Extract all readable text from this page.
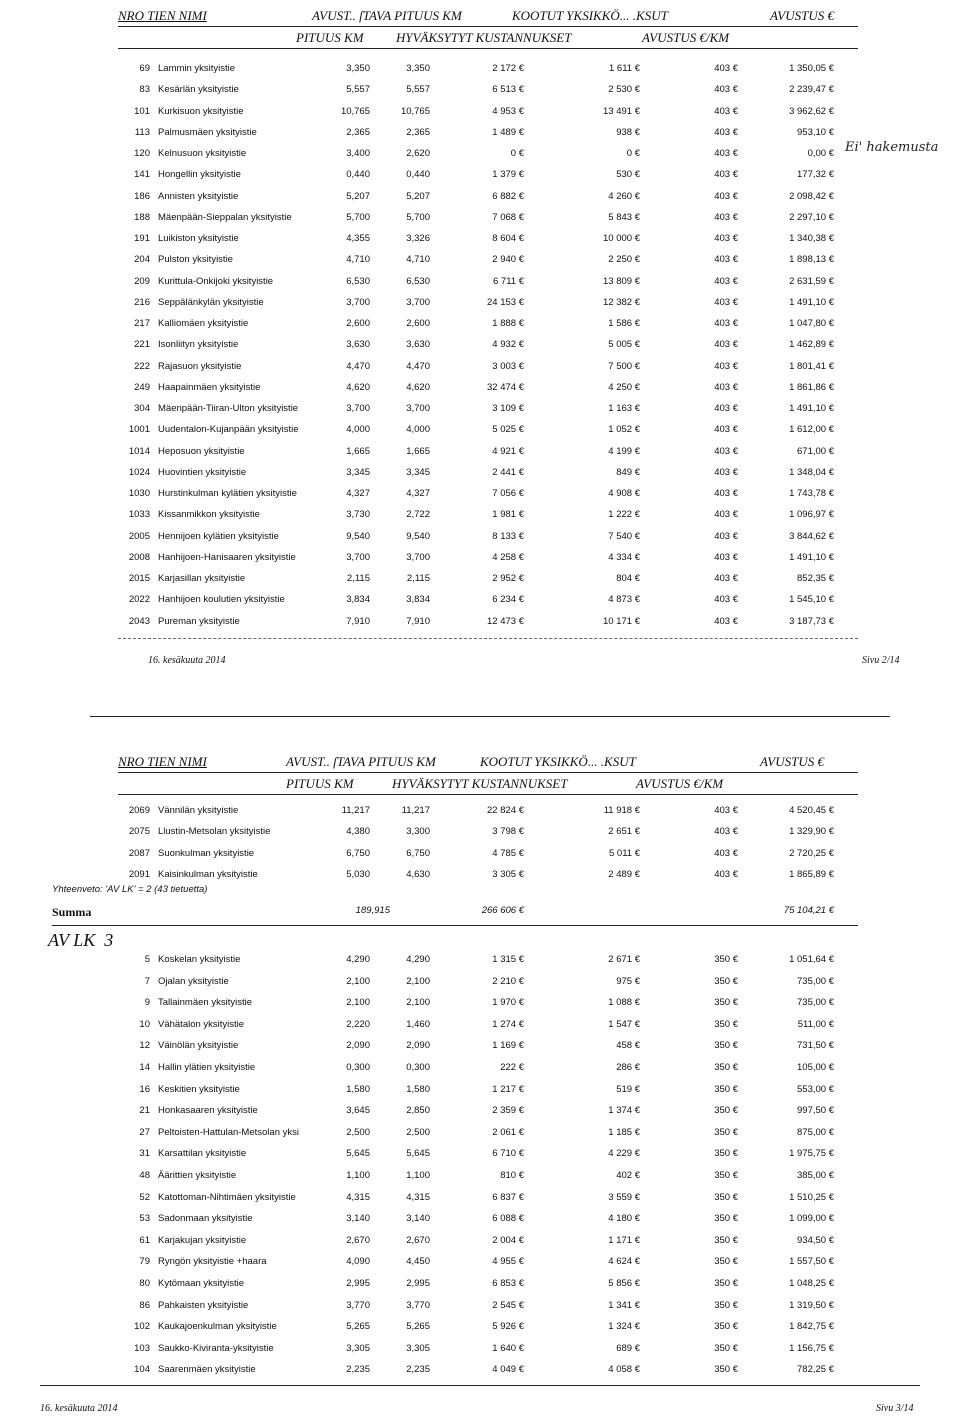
NRO TIEN NIMI	AVUST.. ſTAVA PITUUS KM	KOOTUT YKSIKKÖ... .KSUT	AVUSTUS €
PITUUS KM HYVÄKSYTYT KUSTANNUKSET	AVUSTUS €/KM
69 Lammin yksityistie	3,350	3,350	2 172 €	1 611 €	403 €	1 350,05 €
83 Kesärlän yksityistie	5,557	5,557	6 513 €	2 530 €	403 €	2 239,47 €
101 Kurkisuon yksityistie	10,765	10,765	4 953 €	13 491 €	403 €	3 962,62 €
113 Palmusmäen yksityistie	2,365	2,365	1 489 €	938 €	403 €	953,10 €
120 Kelnusuon yksityistie	3,400	2,620	0 €	0 €	403 €	0,00 €
141 Hongellin yksityistie	0,440	0,440	1 379 €	530 €	403 €	177,32 €
186 Annisten yksityistie	5,207	5,207	6 882 €	4 260 €	403 €	2 098,42 €
188 Mäenpään-Sieppalan yksityistie	5,700	5,700	7 068 €	5 843 €	403 €	2 297,10 €
191 Luikiston yksityistie	4,355	3,326	8 604 €	10 000 €	403 €	1 340,38 €
204 Pulston yksityistie	4,710	4,710	2 940 €	2 250 €	403 €	1 898,13 €
209 Kurittula-Onkijoki yksityistie	6,530	6,530	6 711 €	13 809 €	403 €	2 631,59 €
216 Seppälänkylän yksityistie	3,700	3,700	24 153 €	12 382 €	403 €	1 491,10 €
217 Kalliomäen yksityistie	2,600	2,600	1 888 €	1 586 €	403 €	1 047,80 €
221 Isonliityn yksityistie	3,630	3,630	4 932 €	5 005 €	403 €	1 462,89 €
222 Rajasuon yksityistie	4,470	4,470	3 003 €	7 500 €	403 €	1 801,41 €
249 Haapainmäen yksityistie	4,620	4,620	32 474 €	4 250 €	403 €	1 861,86 €
304 Mäenpään-Tiiran-Ulton yksityistie	3,700	3,700	3 109 €	1 163 €	403 €	1 491,10 €
1001 Uudentalon-Kujanpään yksityistie	4,000	4,000	5 025 €	1 052 €	403 €	1 612,00 €
1014 Heposuon yksityistie	1,665	1,665	4 921 €	4 199 €	403 €	671,00 €
1024 Huovintien yksityistie	3,345	3,345	2 441 €	849 €	403 €	1 348,04 €
1030 Hurstinkulman kylätien yksityistie	4,327	4,327	7 056 €	4 908 €	403 €	1 743,78 €
1033 Kissanmikkon yksityistie	3,730	2,722	1 981 €	1 222 €	403 €	1 096,97 €
2005 Hennijoen kylätien yksityistie	9,540	9,540	8 133 €	7 540 €	403 €	3 844,62 €
2008 Hanhijoen-Hanisaaren yksityistie	3,700	3,700	4 258 €	4 334 €	403 €	1 491,10 €
2015 Karjasillan yksityistie	2,115	2,115	2 952 €	804 €	403 €	852,35 €
2022 Hanhijoen koulutien yksityistie	3,834	3,834	6 234 €	4 873 €	403 €	1 545,10 €
2043 Pureman yksityistie	7,910	7,910	12 473 €	10 171 €	403 €	3 187,73 €
Ei' hakemusta
16. kesäkuuta 2014	Sivu 2/14
NRO TIEN NIMI	AVUST.. ſTAVA PITUUS KM	KOOTUT YKSIKKÖ... .KSUT	AVUSTUS €
PITUUS KM	HYVÄKSYTYT KUSTANNUKSET	AVUSTUS €/KM
2069 Vännilän yksityistie	11,217	11,217	22 824 €	11 918 €	403 €	4 520,45 €
2075 Llustin-Metsolan yksityistie	4,380	3,300	3 798 €	2 651 €	403 €	1 329,90 €
2087 Suonkulman yksityistie	6,750	6,750	4 785 €	5 011 €	403 €	2 720,25 €
2091 Kaisinkulman yksityistie	5,030	4,630	3 305 €	2 489 €	403 €	1 865,89 €
Yhteenveto: 'AV LK' = 2 (43 tietuetta)
Summa	189,915	266 606 €	75 104,21 €
AV LK  3
5 Koskelan yksityistie	4,290	4,290	1 315 €	2 671 €	350 €	1 051,64 €
7 Ojalan yksityistie	2,100	2,100	2 210 €	975 €	350 €	735,00 €
9 Tallainmäen yksityistie	2,100	2,100	1 970 €	1 088 €	350 €	735,00 €
10 Vähätalon yksityistie	2,220	1,460	1 274 €	1 547 €	350 €	511,00 €
12 Väinölän yksityistie	2,090	2,090	1 169 €	458 €	350 €	731,50 €
14 Hallin ylätien yksityistie	0,300	0,300	222 €	286 €	350 €	105,00 €
16 Keskitien yksityistie	1,580	1,580	1 217 €	519 €	350 €	553,00 €
21 Honkasaaren yksityistie	3,645	2,850	2 359 €	1 374 €	350 €	997,50 €
27 Peltoisten-Hattulan-Metsolan yksi	2,500	2,500	2 061 €	1 185 €	350 €	875,00 €
31 Karsattilan yksityistie	5,645	5,645	6 710 €	4 229 €	350 €	1 975,75 €
48 Äärittien yksityistie	1,100	1,100	810 €	402 €	350 €	385,00 €
52 Katottoman-Nihtimäen yksityistie	4,315	4,315	6 837 €	3 559 €	350 €	1 510,25 €
53 Sadonmaan yksityistie	3,140	3,140	6 088 €	4 180 €	350 €	1 099,00 €
61 Karjakujan yksityistie	2,670	2,670	2 004 €	1 171 €	350 €	934,50 €
79 Ryngön yksityistie +haara	4,090	4,450	4 955 €	4 624 €	350 €	1 557,50 €
80 Kytömaan yksityistie	2,995	2,995	6 853 €	5 856 €	350 €	1 048,25 €
86 Pahkaisten yksityistie	3,770	3,770	2 545 €	1 341 €	350 €	1 319,50 €
102 Kaukajoenkulman yksityistie	5,265	5,265	5 926 €	1 324 €	350 €	1 842,75 €
103 Saukko-Kiviranta-yksityistie	3,305	3,305	1 640 €	689 €	350 €	1 156,75 €
104 Saarenmäen yksityistie	2,235	2,235	4 049 €	4 058 €	350 €	782,25 €
16. kesäkuuta 2014	Sivu 3/14
